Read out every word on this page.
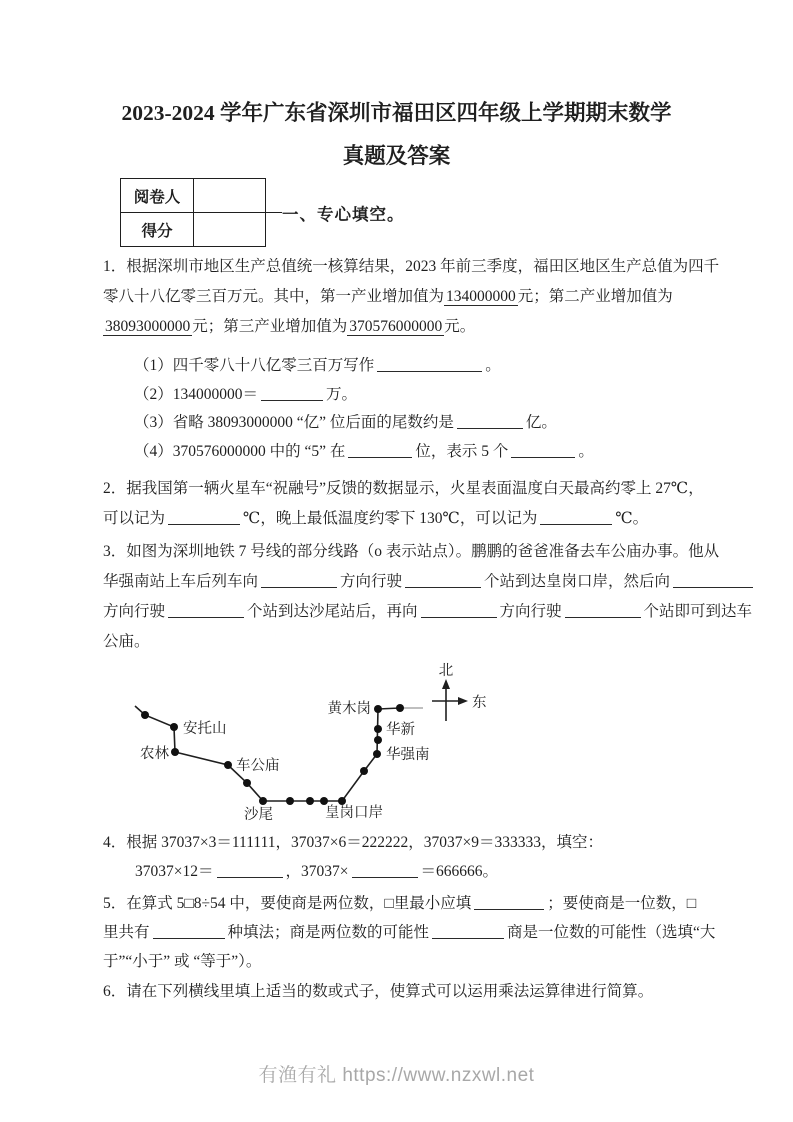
2023-2024 学年广东省深圳市福田区四年级上学期期末数学
真题及答案
阅卷人	
得分	
一、专心填空。
1．根据深圳市地区生产总值统一核算结果，2023 年前三季度，福田区地区生产总值为四千
零八十八亿零三百万元。其中，第一产业增加值为 134000000 元；第二产业增加值为
38093000000 元；第三产业增加值为 370576000000 元。
（1）四千零八十八亿零三百万写作	。
（2）134000000＝	万。
（3）省略 38093000000 “亿” 位后面的尾数约是	亿。
（4）370576000000 中的 “5” 在	位，表示 5 个	。
2．据我国第一辆火星车“祝融号”反馈的数据显示，火星表面温度白天最高约零上 27℃，
可以记为	℃，晚上最低温度约零下 130℃，可以记为	℃。
3．如图为深圳地铁 7 号线的部分线路（o 表示站点）。鹏鹏的爸爸准备去车公庙办事。他从
华强南站上车后列车向	方向行驶	个站到达皇岗口岸，然后向
方向行驶	个站到达沙尾站后，再向	方向行驶	个站即可到达车
公庙。
安托山
农林
车公庙
沙尾	皇岗口岸
华强南
华新
黄木岗
北
东
4．根据 37037×3＝111111，37037×6＝222222，37037×9＝333333，填空：
37037×12＝	，37037×	＝666666。
5．在算式 5□8÷54 中，要使商是两位数，□里最小应填	；要使商是一位数，□
里共有	种填法；商是两位数的可能性	商是一位数的可能性（选填“大
于”“小于” 或 “等于”）。
6．请在下列横线里填上适当的数或式子，使算式可以运用乘法运算律进行简算。
有渔有礼 https://www.nzxwl.net
